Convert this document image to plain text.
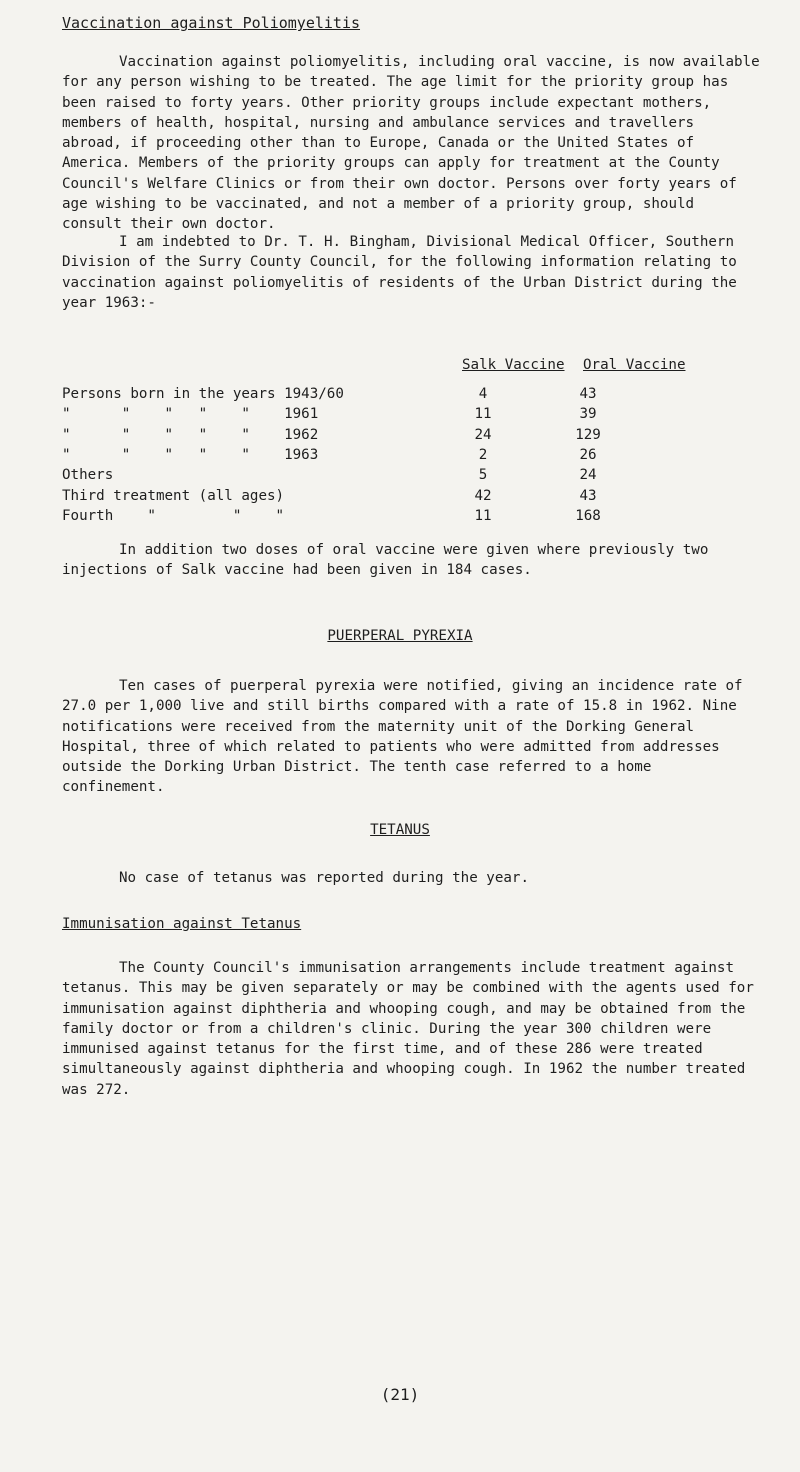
Vaccination against Poliomyelitis

Vaccination against poliomyelitis, including oral vaccine, is now available for any person wishing to be treated. The age limit for the priority group has been raised to forty years. Other priority groups include expectant mothers, members of health, hospital, nursing and ambulance services and travellers abroad, if proceeding other than to Europe, Canada or the United States of America. Members of the priority groups can apply for treatment at the County Council's Welfare Clinics or from their own doctor. Persons over forty years of age wishing to be vaccinated, and not a member of a priority group, should consult their own doctor.

I am indebted to Dr. T. H. Bingham, Divisional Medical Officer, Southern Division of the Surry County Council, for the following information relating to vaccination against poliomyelitis of residents of the Urban District during the year 1963:-

Salk Vaccine Oral Vaccine
Persons born in the years 1943/60	4	43
"      "    "   "    "    1961	11	39
"      "    "   "    "    1962	24	129
"      "    "   "    "    1963	2	26
Others	5	24
Third treatment (all ages)	42	43
Fourth    "         "    "	11	168

In addition two doses of oral vaccine were given where previously two injections of Salk vaccine had been given in 184 cases.

PUERPERAL PYREXIA

Ten cases of puerperal pyrexia were notified, giving an incidence rate of 27.0 per 1,000 live and still births compared with a rate of 15.8 in 1962. Nine notifications were received from the maternity unit of the Dorking General Hospital, three of which related to patients who were admitted from addresses outside the Dorking Urban District. The tenth case referred to a home confinement.

TETANUS

No case of tetanus was reported during the year.

Immunisation against Tetanus

The County Council's immunisation arrangements include treatment against tetanus. This may be given separately or may be combined with the agents used for immunisation against diphtheria and whooping cough, and may be obtained from the family doctor or from a children's clinic. During the year 300 children were immunised against tetanus for the first time, and of these 286 were treated simultaneously against diphtheria and whooping cough. In 1962 the number treated was 272.

(21)
